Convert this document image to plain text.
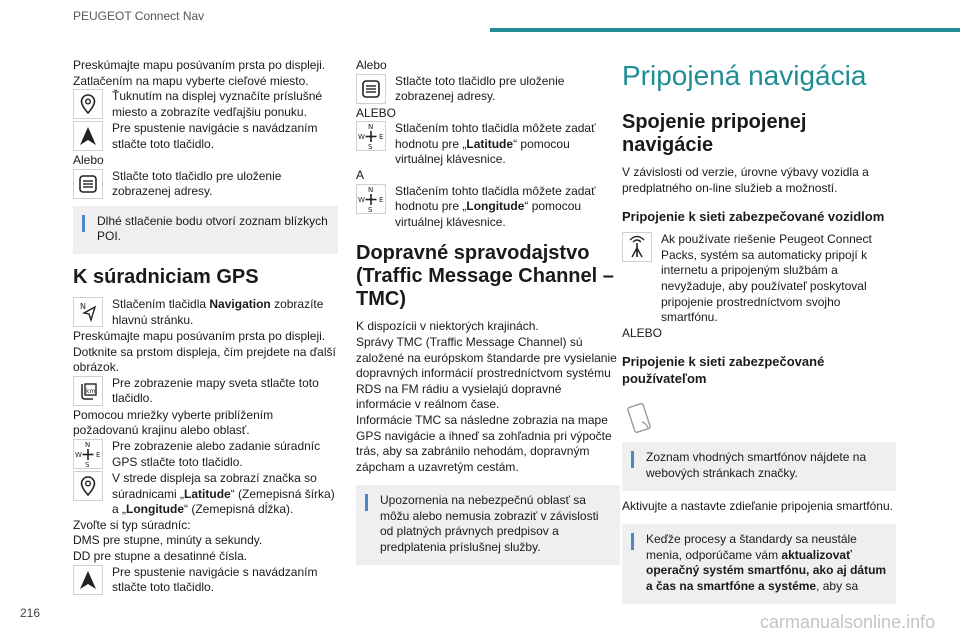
PEUGEOT Connect Nav
Preskúmajte mapu posúvaním prsta po displeji.
Zatlačením na mapu vyberte cieľové miesto.
Ťuknutím na displej vyznačíte príslušné miesto a zobrazíte vedľajšiu ponuku.
Pre spustenie navigácie s navádzaním stlačte toto tlačidlo.
Alebo
Stlačte toto tlačidlo pre uloženie zobrazenej adresy.
Dlhé stlačenie bodu otvorí zoznam blízkych POI.
K súradniciam GPS
N Stlačením tlačidla Navigation zobrazíte hlavnú stránku.
Preskúmajte mapu posúvaním prsta po displeji.
Dotknite sa prstom displeja, čím prejdete na ďalší obrázok.
km
Pre zobrazenie mapy sveta stlačte toto tlačidlo.
Pomocou mriežky vyberte priblížením požadovanú krajinu alebo oblasť.
N
S
W E
Pre zobrazenie alebo zadanie súradníc GPS stlačte toto tlačidlo.
V strede displeja sa zobrazí značka so súradnicami „Latitude“ (Zemepisná šírka) a „Longitude“ (Zemepisná dĺžka).
Zvoľte si typ súradníc:
DMS pre stupne, minúty a sekundy.
DD pre stupne a desatinné čísla.
Pre spustenie navigácie s navádzaním stlačte toto tlačidlo.
Alebo
Stlačte toto tlačidlo pre uloženie zobrazenej adresy.
ALEBO
N
S
W E
Stlačením tohto tlačidla môžete zadať hodnotu pre „Latitude“ pomocou virtuálnej klávesnice.
A
N
S
W E
Stlačením tohto tlačidla môžete zadať hodnotu pre „Longitude“ pomocou virtuálnej klávesnice.
Dopravné spravodajstvo (Traffic Message Channel – TMC)
K dispozícii v niektorých krajinách.
Správy TMC (Traffic Message Channel) sú založené na európskom štandarde pre vysielanie dopravných informácií prostredníctvom systému RDS na FM rádiu a vysielajú dopravné informácie v reálnom čase.
Informácie TMC sa následne zobrazia na mape GPS navigácie a ihneď sa zohľadnia pri výpočte trás, aby sa zabránilo nehodám, dopravným zápcham a uzavretým cestám.
Upozornenia na nebezpečnú oblasť sa môžu alebo nemusia zobraziť v závislosti od platných právnych predpisov a predplatenia príslušnej služby.
Pripojená navigácia
Spojenie pripojenej navigácie
V závislosti od verzie, úrovne výbavy vozidla a predplatného on-line služieb a možností.
Pripojenie k sieti zabezpečované vozidlom
Ak používate riešenie Peugeot Connect Packs, systém sa automaticky pripojí k internetu a pripojeným službám a nevyžaduje, aby používateľ poskytoval pripojenie prostredníctvom svojho smartfónu.
ALEBO
Pripojenie k sieti zabezpečované používateľom
Zoznam vhodných smartfónov nájdete na webových stránkach značky.
Aktivujte a nastavte zdieľanie pripojenia smartfónu.
Keďže procesy a štandardy sa neustále menia, odporúčame vám aktualizovať operačný systém smartfónu, ako aj dátum a čas na smartfóne a systéme, aby sa
216	carmanualsonline.info
